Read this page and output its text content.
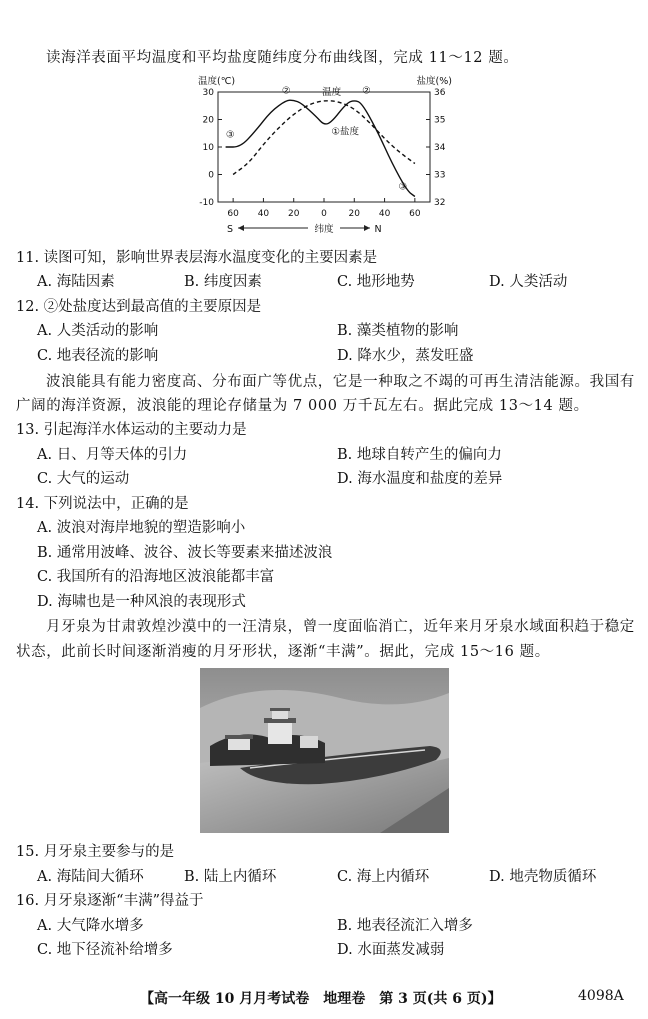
读海洋表面平均温度和平均盐度随纬度分布曲线图，完成 11～12 题。
30
20
10
0
-10
36
35
34
33
32
60 40 20 0 20 40 60
温度(℃)	盐度(%)
S	纬度	N
②	②
③
③
①盐度
温度
11. 读图可知，影响世界表层海水温度变化的主要因素是
A. 海陆因素	B. 纬度因素	C. 地形地势	D. 人类活动
12. ②处盐度达到最高值的主要原因是
A. 人类活动的影响	B. 藻类植物的影响
C. 地表径流的影响	D. 降水少，蒸发旺盛
波浪能具有能力密度高、分布面广等优点，它是一种取之不竭的可再生清洁能源。我国有
广阔的海洋资源，波浪能的理论存储量为 7 000 万千瓦左右。据此完成 13～14 题。
13. 引起海洋水体运动的主要动力是
A. 日、月等天体的引力	B. 地球自转产生的偏向力
C. 大气的运动	D. 海水温度和盐度的差异
14. 下列说法中，正确的是
A. 波浪对海岸地貌的塑造影响小
B. 通常用波峰、波谷、波长等要素来描述波浪
C. 我国所有的沿海地区波浪能都丰富
D. 海啸也是一种风浪的表现形式
月牙泉为甘肃敦煌沙漠中的一汪清泉，曾一度面临消亡，近年来月牙泉水域面积趋于稳定
状态，此前长时间逐渐消瘦的月牙形状，逐渐“丰满”。据此，完成 15～16 题。
15. 月牙泉主要参与的是
A. 海陆间大循环	B. 陆上内循环	C. 海上内循环	D. 地壳物质循环
16. 月牙泉逐渐“丰满”得益于
A. 大气降水增多	B. 地表径流汇入增多
C. 地下径流补给增多	D. 水面蒸发减弱
【高一年级 10 月月考试卷　地理卷　第 3 页(共 6 页)】	4098A
